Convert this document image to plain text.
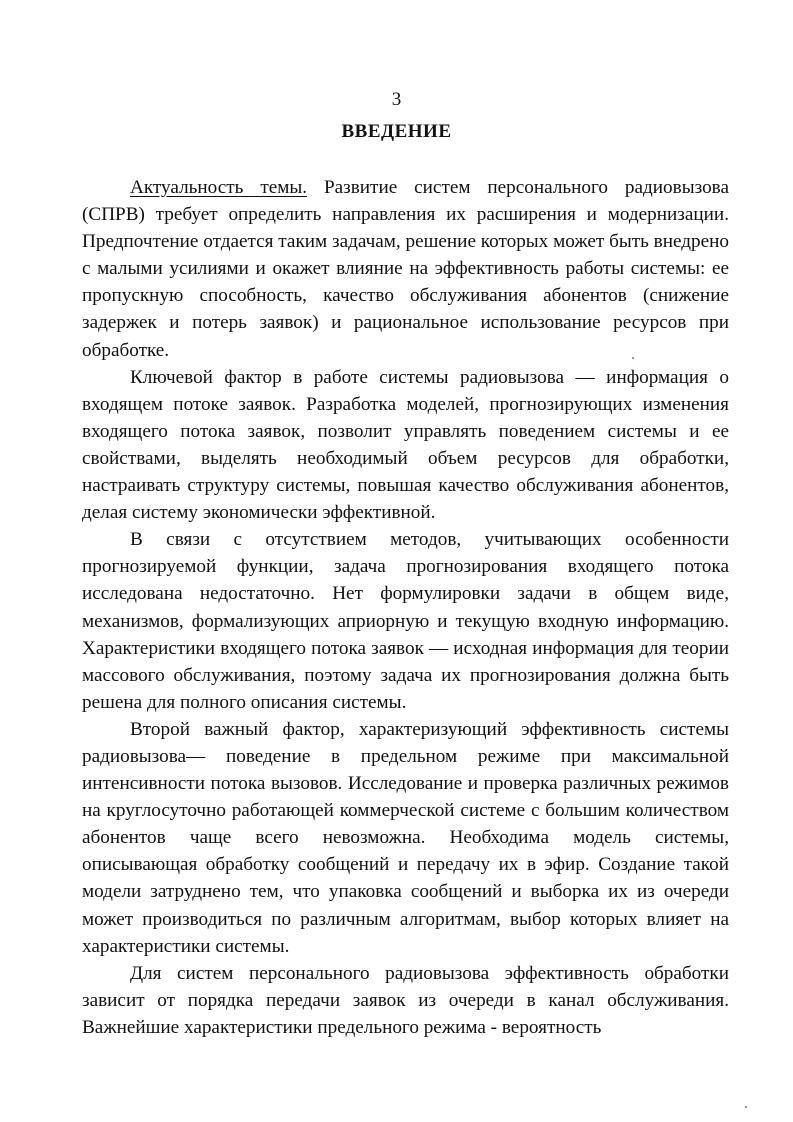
3
ВВЕДЕНИЕ

Актуальность темы. Развитие систем персонального радиовызова (СПРВ) требует определить направления их расширения и модернизации. Предпочтение отдается таким задачам, решение которых может быть внедрено с малыми усилиями и окажет влияние на эффективность работы системы: ее пропускную способность, качество обслуживания абонентов (снижение задержек и потерь заявок) и рациональное использование ресурсов при обработке.

Ключевой фактор в работе системы радиовызова — информация о входящем потоке заявок. Разработка моделей, прогнозирующих изменения входящего потока заявок, позволит управлять поведением системы и ее свойствами, выделять необходимый объем ресурсов для обработки, настраивать структуру системы, повышая качество обслуживания абонентов, делая систему экономически эффективной.

В связи с отсутствием методов, учитывающих особенности прогнозируемой функции, задача прогнозирования входящего потока исследована недостаточно. Нет формулировки задачи в общем виде, механизмов, формализующих априорную и текущую входную информацию. Характеристики входящего потока заявок — исходная информация для теории массового обслуживания, поэтому задача их прогнозирования должна быть решена для полного описания системы.

Второй важный фактор, характеризующий эффективность системы радиовызова— поведение в предельном режиме при максимальной интенсивности потока вызовов. Исследование и проверка различных режимов на круглосуточно работающей коммерческой системе с большим количеством абонентов чаще всего невозможна. Необходима модель системы, описывающая обработку сообщений и передачу их в эфир. Создание такой модели затруднено тем, что упаковка сообщений и выборка их из очереди может производиться по различным алгоритмам, выбор которых влияет на характеристики системы.

Для систем персонального радиовызова эффективность обработки зависит от порядка передачи заявок из очереди в канал обслуживания. Важнейшие характеристики предельного режима - вероятность
